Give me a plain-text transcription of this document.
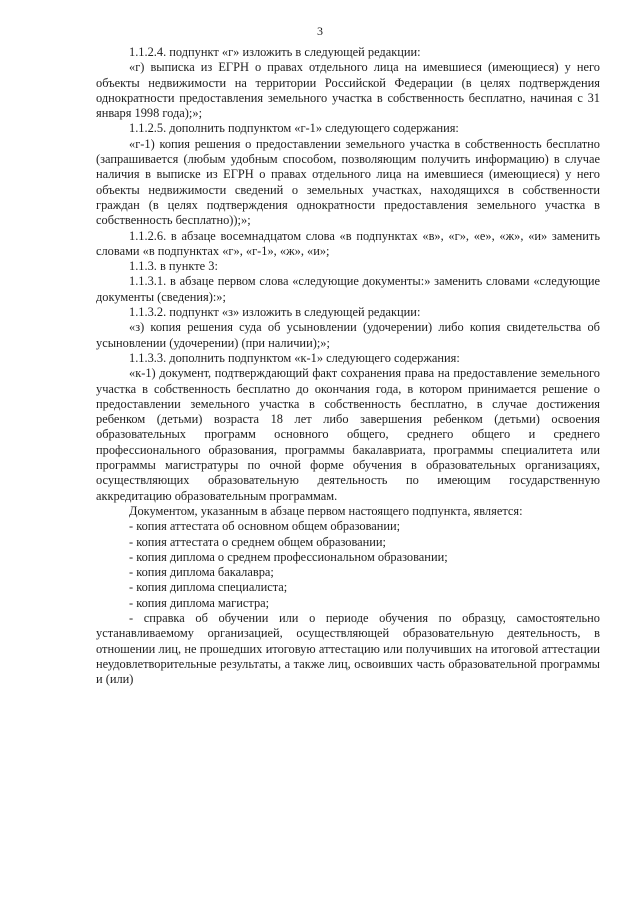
3

1.1.2.4. подпункт «г» изложить в следующей редакции:

«г) выписка из ЕГРН о правах отдельного лица на имевшиеся (имеющиеся) у него объекты недвижимости на территории Российской Федерации (в целях подтверждения однократности предоставления земельного участка в собственность бесплатно, начиная с 31 января 1998 года);»;

1.1.2.5. дополнить подпунктом «г-1» следующего содержания:

«г-1) копия решения о предоставлении земельного участка в собственность бесплатно (запрашивается (любым удобным способом, позволяющим получить информацию) в случае наличия в выписке из ЕГРН о правах отдельного лица на имевшиеся (имеющиеся) у него объекты недвижимости сведений о земельных участках, находящихся в собственности граждан (в целях подтверждения однократности предоставления земельного участка в собственность бесплатно));»;

1.1.2.6. в абзаце восемнадцатом слова «в подпунктах «в», «г», «е», «ж», «и» заменить словами «в подпунктах «г», «г-1», «ж», «и»;

1.1.3. в пункте 3:

1.1.3.1. в абзаце первом слова «следующие документы:» заменить словами «следующие документы (сведения):»;

1.1.3.2. подпункт «з» изложить в следующей редакции:

«з) копия решения суда об усыновлении (удочерении) либо копия свидетельства об усыновлении (удочерении) (при наличии);»;

1.1.3.3. дополнить подпунктом «к-1» следующего содержания:

«к-1) документ, подтверждающий факт сохранения права на предоставление земельного участка в собственность бесплатно до окончания года, в котором принимается решение о предоставлении земельного участка в собственность бесплатно, в случае достижения ребенком (детьми) возраста 18 лет либо завершения ребенком (детьми) освоения образовательных программ основного общего, среднего общего и среднего профессионального образования, программы бакалавриата, программы специалитета или программы магистратуры по очной форме обучения в образовательных организациях, осуществляющих образовательную деятельность по имеющим государственную аккредитацию образовательным программам.

Документом, указанным в абзаце первом настоящего подпункта, является:

- копия аттестата об основном общем образовании;

- копия аттестата о среднем общем образовании;

- копия диплома о среднем профессиональном образовании;

- копия диплома бакалавра;

- копия диплома специалиста;

- копия диплома магистра;

- справка об обучении или о периоде обучения по образцу, самостоятельно устанавливаемому организацией, осуществляющей образовательную деятельность, в отношении лиц, не прошедших итоговую аттестацию или получивших на итоговой аттестации неудовлетворительные результаты, а также лиц, освоивших часть образовательной программы и (или)
